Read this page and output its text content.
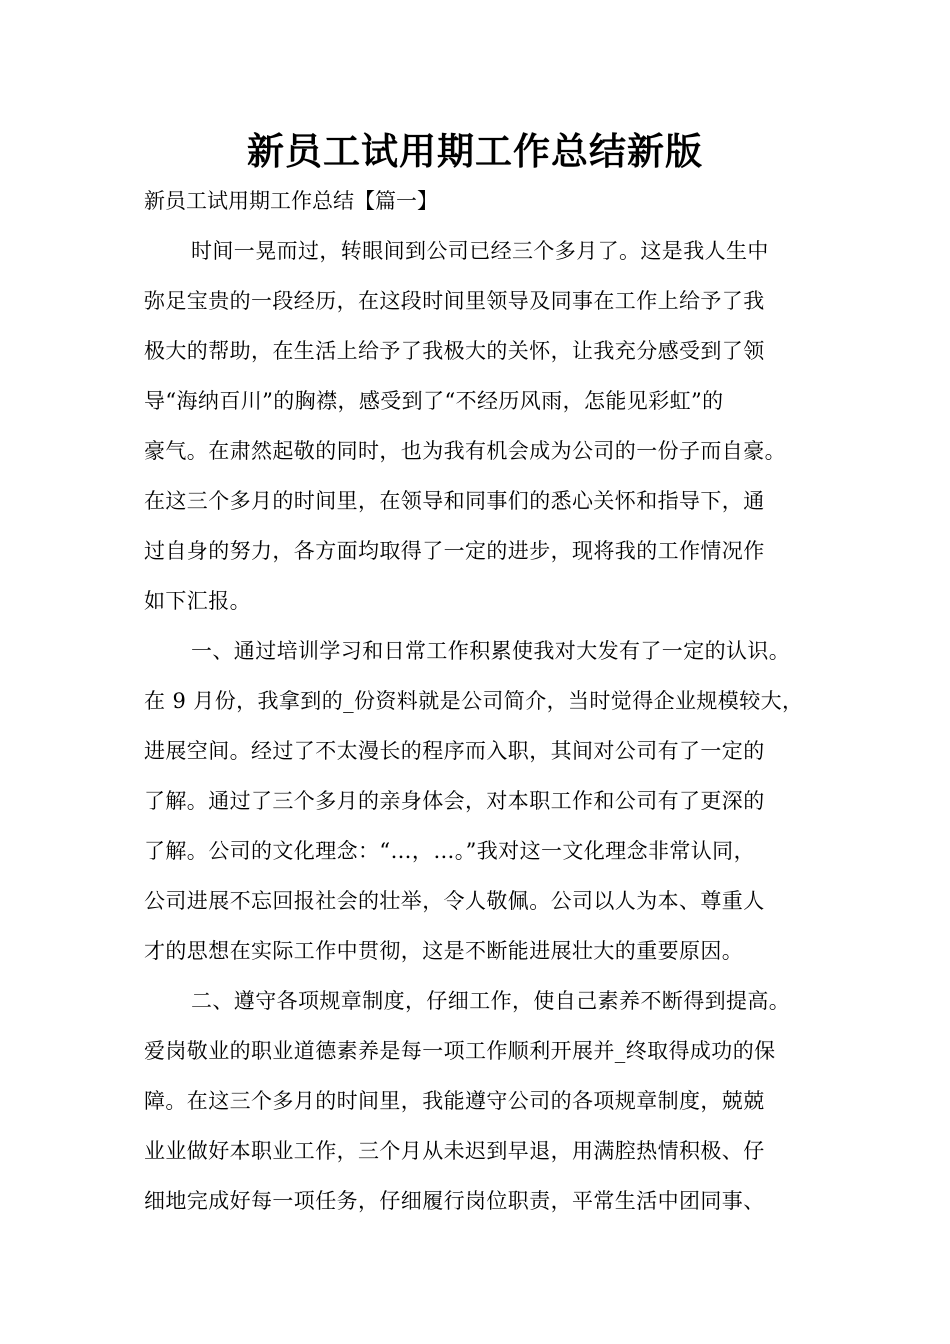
新员工试用期工作总结新版
新员工试用期工作总结【篇一】
时间一晃而过，转眼间到公司已经三个多月了。这是我人生中
弥足宝贵的一段经历，在这段时间里领导及同事在工作上给予了我
极大的帮助，在生活上给予了我极大的关怀，让我充分感受到了领
导“海纳百川”的胸襟，感受到了“不经历风雨，怎能见彩虹”的
豪气。在肃然起敬的同时，也为我有机会成为公司的一份子而自豪。
在这三个多月的时间里，在领导和同事们的悉心关怀和指导下，通
过自身的努力，各方面均取得了一定的进步，现将我的工作情况作
如下汇报。
一、通过培训学习和日常工作积累使我对大发有了一定的认识。
在 9 月份，我拿到的_份资料就是公司简介，当时觉得企业规模较大，
进展空间。经过了不太漫长的程序而入职，其间对公司有了一定的
了解。通过了三个多月的亲身体会，对本职工作和公司有了更深的
了解。公司的文化理念：“…，…。”我对这一文化理念非常认同，
公司进展不忘回报社会的壮举，令人敬佩。公司以人为本、尊重人
才的思想在实际工作中贯彻，这是不断能进展壮大的重要原因。
二、遵守各项规章制度，仔细工作，使自己素养不断得到提高。
爱岗敬业的职业道德素养是每一项工作顺利开展并_终取得成功的保
障。在这三个多月的时间里，我能遵守公司的各项规章制度，兢兢
业业做好本职业工作，三个月从未迟到早退，用满腔热情积极、仔
细地完成好每一项任务，仔细履行岗位职责，平常生活中团同事、
